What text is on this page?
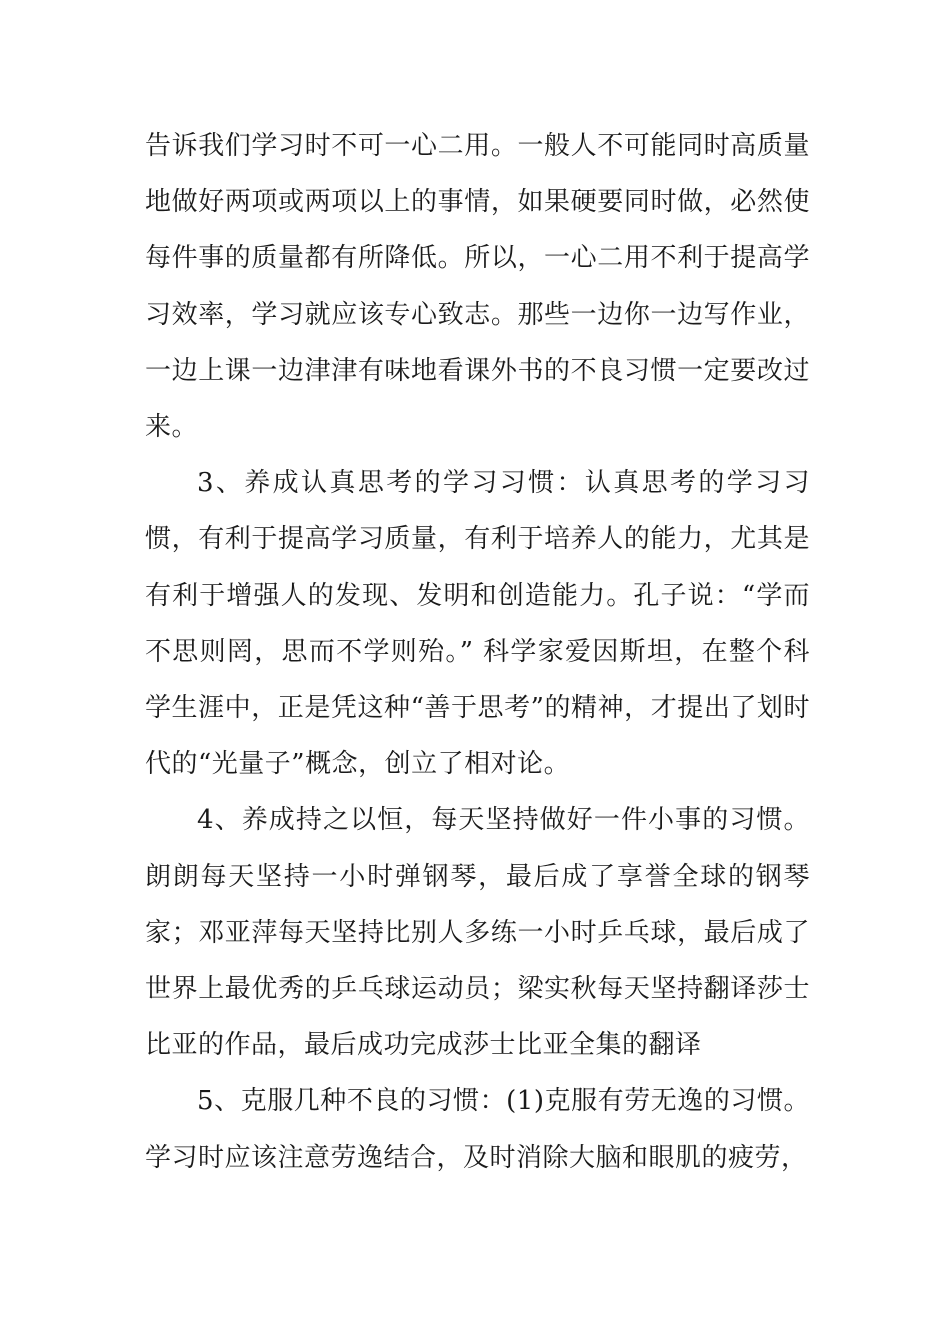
告诉我们学习时不可一心二用。一般人不可能同时高质量地做好两项或两项以上的事情，如果硬要同时做，必然使每件事的质量都有所降低。所以，一心二用不利于提高学习效率，学习就应该专心致志。那些一边你一边写作业，一边上课一边津津有味地看课外书的不良习惯一定要改过来。

3、养成认真思考的学习习惯：认真思考的学习习惯，有利于提高学习质量，有利于培养人的能力，尤其是有利于增强人的发现、发明和创造能力。孔子说：“学而不思则罔，思而不学则殆。” 科学家爱因斯坦，在整个科学生涯中，正是凭这种“善于思考”的精神，才提出了划时代的“光量子”概念，创立了相对论。

4、养成持之以恒，每天坚持做好一件小事的习惯。朗朗每天坚持一小时弹钢琴，最后成了享誉全球的钢琴家；邓亚萍每天坚持比别人多练一小时乒乓球，最后成了世界上最优秀的乒乓球运动员；梁实秋每天坚持翻译莎士比亚的作品，最后成功完成莎士比亚全集的翻译

5、克服几种不良的习惯：(1)克服有劳无逸的习惯。学习时应该注意劳逸结合，及时消除大脑和眼肌的疲劳，
